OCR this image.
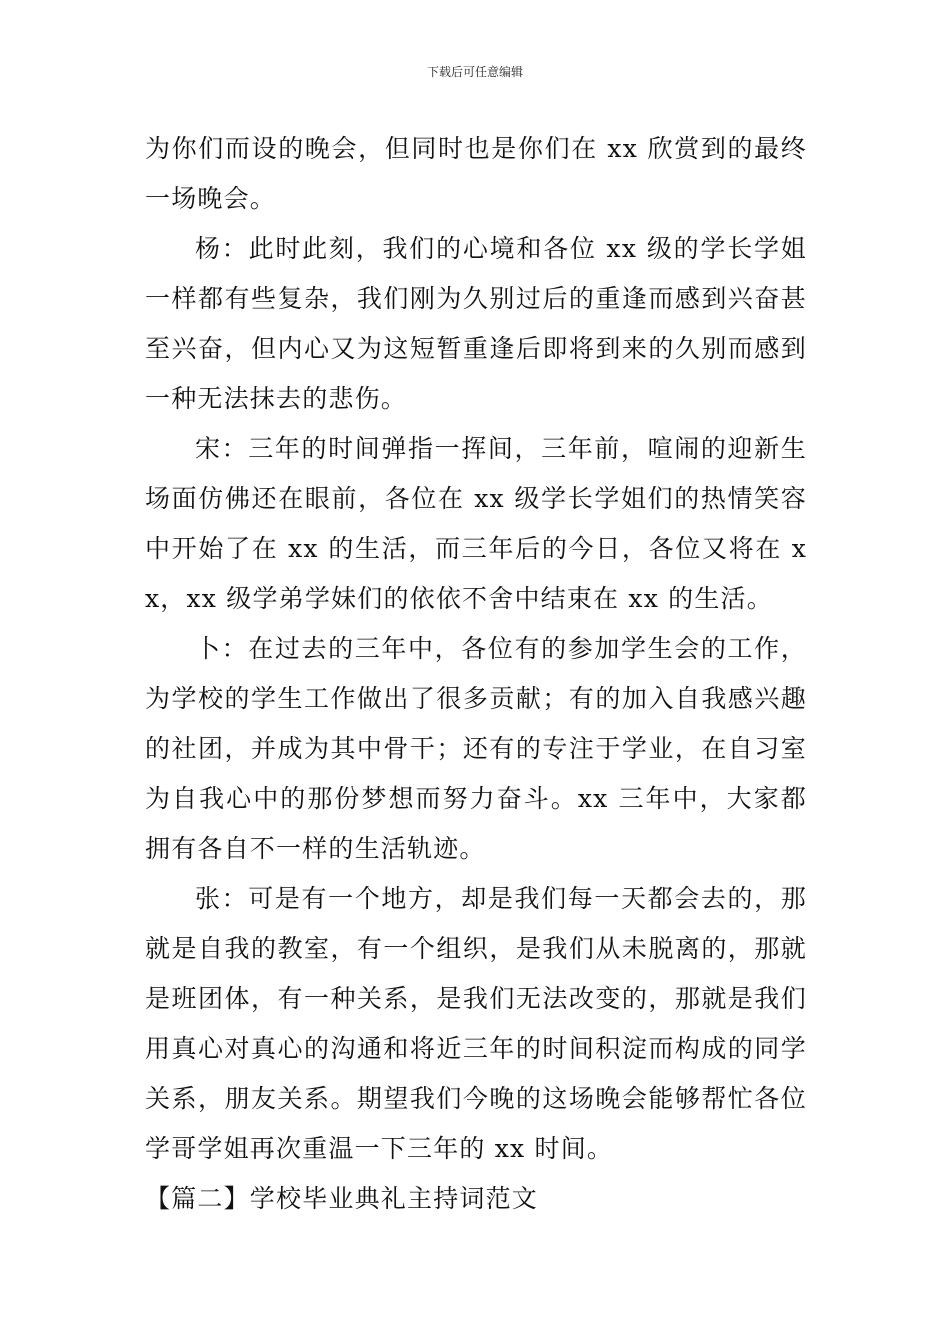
下载后可任意编辑

为你们而设的晚会，但同时也是你们在 xx 欣赏到的最终一场晚会。

杨：此时此刻，我们的心境和各位 xx 级的学长学姐一样都有些复杂，我们刚为久别过后的重逢而感到兴奋甚至兴奋，但内心又为这短暂重逢后即将到来的久别而感到一种无法抹去的悲伤。

宋：三年的时间弹指一挥间，三年前，喧闹的迎新生场面仿佛还在眼前，各位在 xx 级学长学姐们的热情笑容中开始了在 xx 的生活，而三年后的今日，各位又将在 xx，xx 级学弟学妹们的依依不舍中结束在 xx 的生活。

卜：在过去的三年中，各位有的参加学生会的工作，为学校的学生工作做出了很多贡献；有的加入自我感兴趣的社团，并成为其中骨干；还有的专注于学业，在自习室为自我心中的那份梦想而努力奋斗。xx 三年中，大家都拥有各自不一样的生活轨迹。

张：可是有一个地方，却是我们每一天都会去的，那就是自我的教室，有一个组织，是我们从未脱离的，那就是班团体，有一种关系，是我们无法改变的，那就是我们用真心对真心的沟通和将近三年的时间积淀而构成的同学关系，朋友关系。期望我们今晚的这场晚会能够帮忙各位学哥学姐再次重温一下三年的 xx 时间。

【篇二】学校毕业典礼主持词范文
